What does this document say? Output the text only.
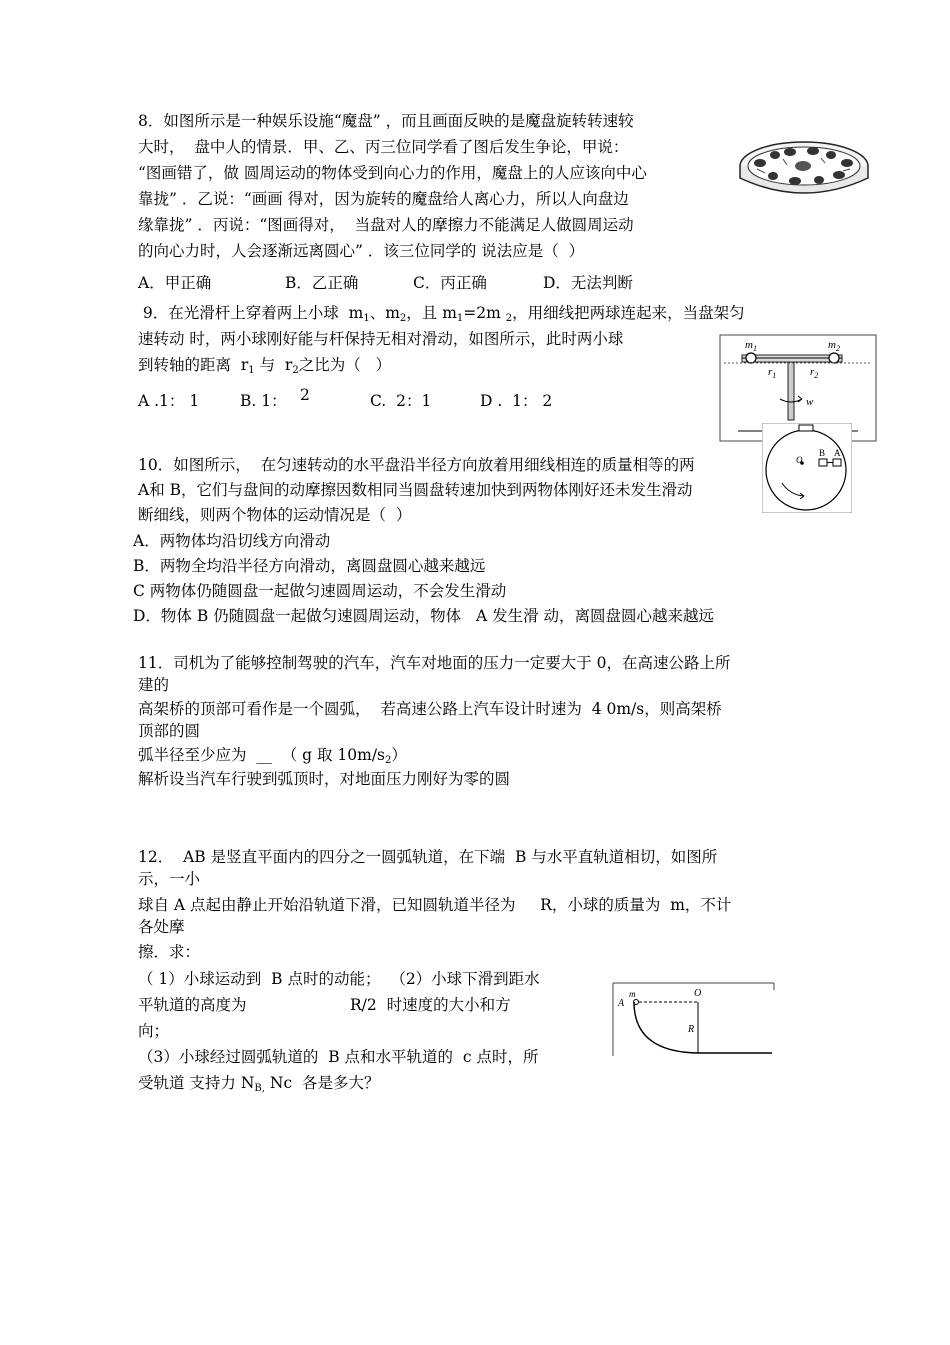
8．如图所示是一种娱乐设施“魔盘” ，而且画面反映的是魔盘旋转转速较
大时，  盘中人的情景．甲、乙、丙三位同学看了图后发生争论，甲说：
“图画错了，做 圆周运动的物体受到向心力的作用，魔盘上的人应该向中心
靠拢” ．乙说：“画画 得对，因为旋转的魔盘给人离心力，所以人向盘边
缘靠拢” ．丙说：“图画得对，  当盘对人的摩擦力不能满足人做圆周运动
的向心力时，人会逐渐远离圆心” ．该三位同学的 说法应是（  ）
A．甲正确	B．乙正确	C．丙正确	D．无法判断
9．在光滑杆上穿着两上小球  $m_1$、$m_2$，且 $m_1=2m$ $_2$，用细线把两球连起来，当盘架匀
速转动 时，两小球刚好能与杆保持无相对滑动，如图所示，此时两小球
到转轴的距离  $r_1$ 与  $r_2$之比为（   ）
A .1： 1	B. 1： 2	C.  2：1	D .  1： 2
$m_1$	$m_2$
$r_1$	$r_2$
w
10．如图所示，  在匀速转动的水平盘沿半径方向放着用细线相连的质量相等的两
A和 B，它们与盘间的动摩擦因数相同当圆盘转速加快到两物体刚好还未发生滑动
断细线，则两个物体的运动情况是（  ）
A．两物体均沿切线方向滑动
B．两物全均沿半径方向滑动，离圆盘圆心越来越远
C 两物体仍随圆盘一起做匀速圆周运动，不会发生滑动
D．物体 B 仍随圆盘一起做匀速圆周运动，物体   A 发生滑 动，离圆盘圆心越来越远
O
B A
11．司机为了能够控制驾驶的汽车，汽车对地面的压力一定要大于 0，在高速公路上所
建的
高架桥的顶部可看作是一个圆弧，  若高速公路上汽车设计时速为  4 0m/s，则高架桥
顶部的圆
弧半径至少应为  __  （ g 取 $10m/s_2$）
解析设当汽车行驶到弧顶时，对地面压力刚好为零的圆
12．  AB 是竖直平面内的四分之一圆弧轨道，在下端  B 与水平直轨道相切，如图所
示，一小
球自 A 点起由静止开始沿轨道下滑，已知圆轨道半径为     R，小球的质量为  m，不计
各处摩
擦．求：
（ 1）小球运动到  B 点时的动能；  （2）小球下滑到距水
平轨道的高度为                     R/2  时速度的大小和方
向；
（3）小球经过圆弧轨道的  B 点和水平轨道的  c 点时，所
受轨道 支持力 $N_{B,}$ Nc  各是多大？
A
m	O
R
